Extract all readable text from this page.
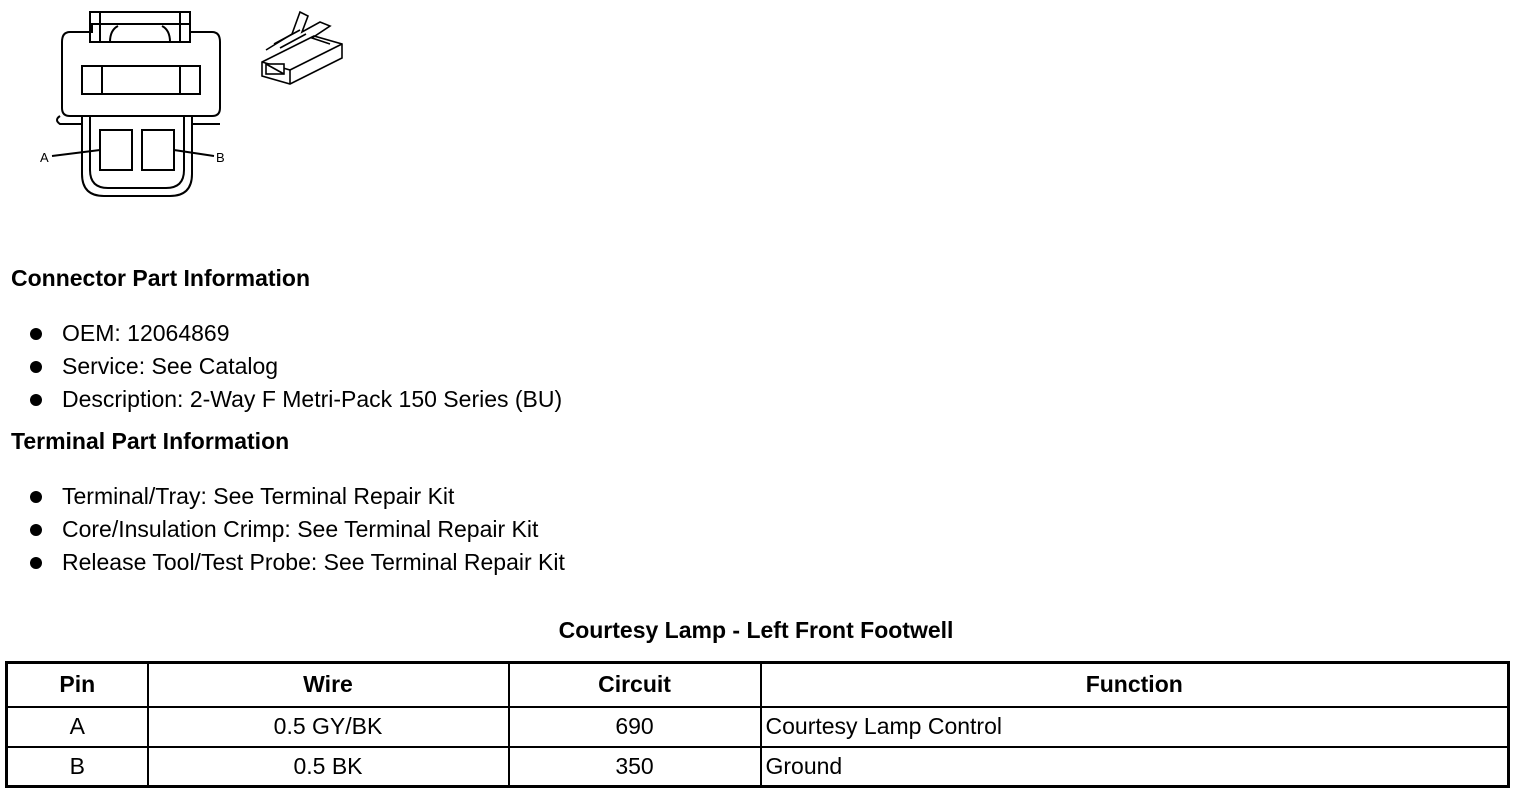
A	B
Connector Part Information
OEM: 12064869
Service: See Catalog
Description: 2-Way F Metri-Pack 150 Series (BU)
Terminal Part Information
Terminal/Tray: See Terminal Repair Kit
Core/Insulation Crimp: See Terminal Repair Kit
Release Tool/Test Probe: See Terminal Repair Kit
Courtesy Lamp - Left Front Footwell
Pin	Wire	Circuit	Function
A	0.5 GY/BK	690	Courtesy Lamp Control
B	0.5 BK	350	Ground
